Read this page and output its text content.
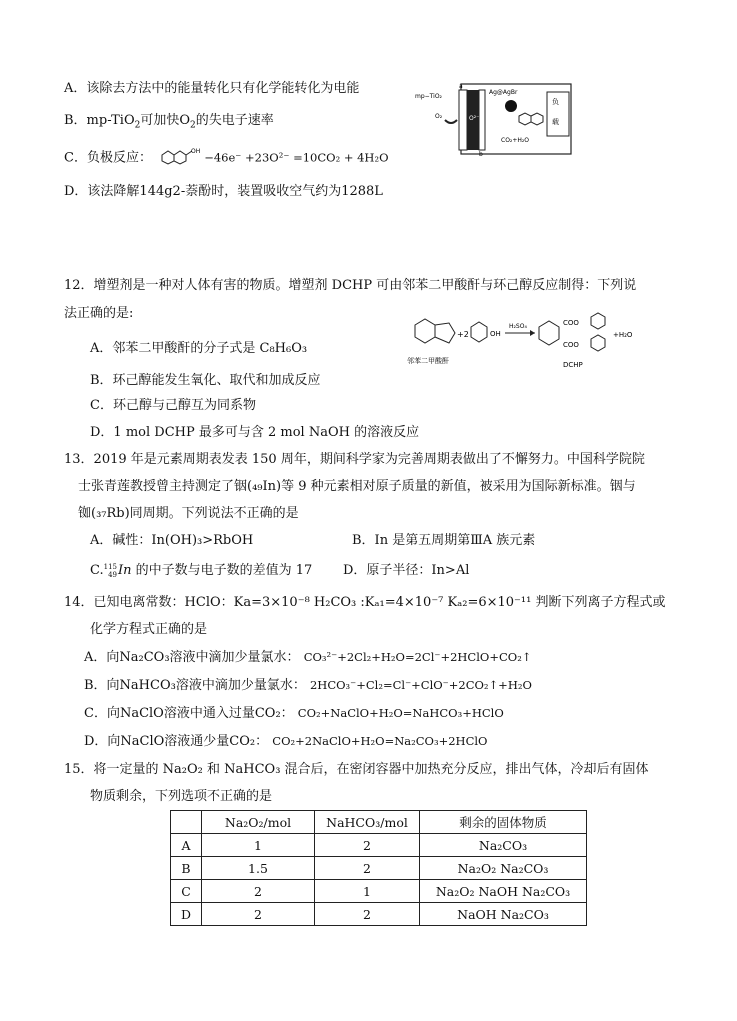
A．该除去方法中的能量转化只有化学能转化为电能
B．mp-TiO$_2$可加快$O_2$的失电子速率
C．负极反应：	OH −46e⁻ +23O²⁻ =10CO₂ + 4H₂O
D．该法降解144g2-萘酚时，装置吸收空气约为1288L
负
载
mp−TiO₂
O₂	O²⁻
Ag@AgBr
CO₂+H₂O
a
b
12．增塑剂是一种对人体有害的物质。增塑剂 DCHP 可由邻苯二甲酸酐与环己醇反应制得：下列说
法正确的是:
A．邻苯二甲酸酐的分子式是 C₈H₆O₃
B．环己醇能发生氧化、取代和加成反应
C．环己醇与己醇互为同系物
D．1 mol DCHP 最多可与含 2 mol NaOH 的溶液反应
+2	OH
H₂SO₄	COO
COO
+H₂O
邻苯二甲酸酐	DCHP
13．2019 年是元素周期表发表 150 周年，期间科学家为完善周期表做出了不懈努力。中国科学院院
士张青莲教授曾主持测定了铟(₄₉In)等 9 种元素相对原子质量的新值，被采用为国际新标准。铟与
铷(₃₇Rb)同周期。下列说法不正确的是
A．碱性：In(OH)₃>RbOH	B．In 是第五周期第ⅢA 族元素
C.115
49In 的中子数与电子数的差值为 17 D．原子半径：In>Al
14．已知电离常数：HClO：Ka=3×10⁻⁸ H₂CO₃ :Kₐ₁=4×10⁻⁷ Kₐ₂=6×10⁻¹¹ 判断下列离子方程式或
化学方程式正确的是
A．向Na₂CO₃溶液中滴加少量氯水： CO₃²⁻+2Cl₂+H₂O=2Cl⁻+2HClO+CO₂↑
B．向NaHCO₃溶液中滴加少量氯水： 2HCO₃⁻+Cl₂=Cl⁻+ClO⁻+2CO₂↑+H₂O
C．向NaClO溶液中通入过量CO₂： CO₂+NaClO+H₂O=NaHCO₃+HClO
D．向NaClO溶液通少量CO₂： CO₂+2NaClO+H₂O=Na₂CO₃+2HClO
15．将一定量的 Na₂O₂ 和 NaHCO₃ 混合后，在密闭容器中加热充分反应，排出气体，冷却后有固体
物质剩余，下列选项不正确的是
	Na₂O₂/mol	NaHCO₃/mol	剩余的固体物质
A	1	2	Na₂CO₃
B	1.5	2	Na₂O₂ Na₂CO₃
C	2	1	Na₂O₂ NaOH Na₂CO₃
D	2	2	NaOH Na₂CO₃
